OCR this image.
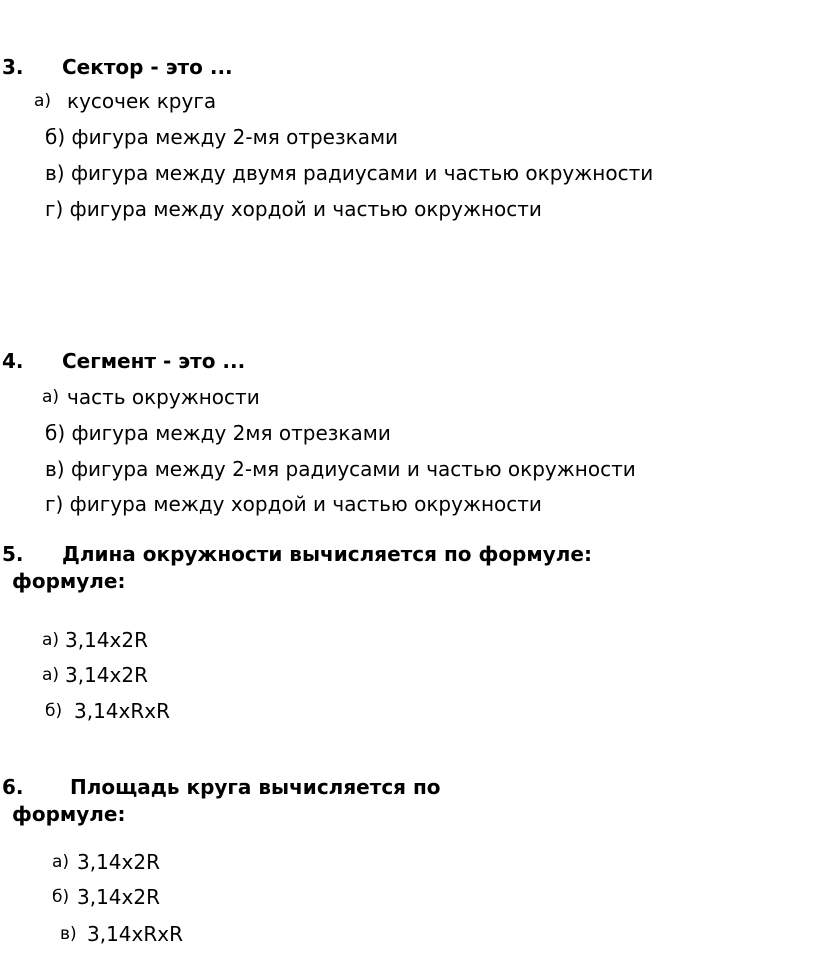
3. Сектор - это ...
а) кусочек круга
б) фигура между 2-мя отрезками
в) фигура между двумя радиусами и частью окружности
г) фигура между хордой и частью окружности
4. Сегмент - это ...
а) часть окружности
б) фигура между 2мя отрезками
в) фигура между 2-мя радиусами и частью окружности
г) фигура между хордой и частью окружности
5. Длина окружности вычисляется по формуле:
формуле:
а) 3,14x2R
а) 3,14x2R
б) 3,14xRxR
6. Площадь круга вычисляется по
формуле:
а) 3,14x2R
б) 3,14x2R
в) 3,14xRxR
